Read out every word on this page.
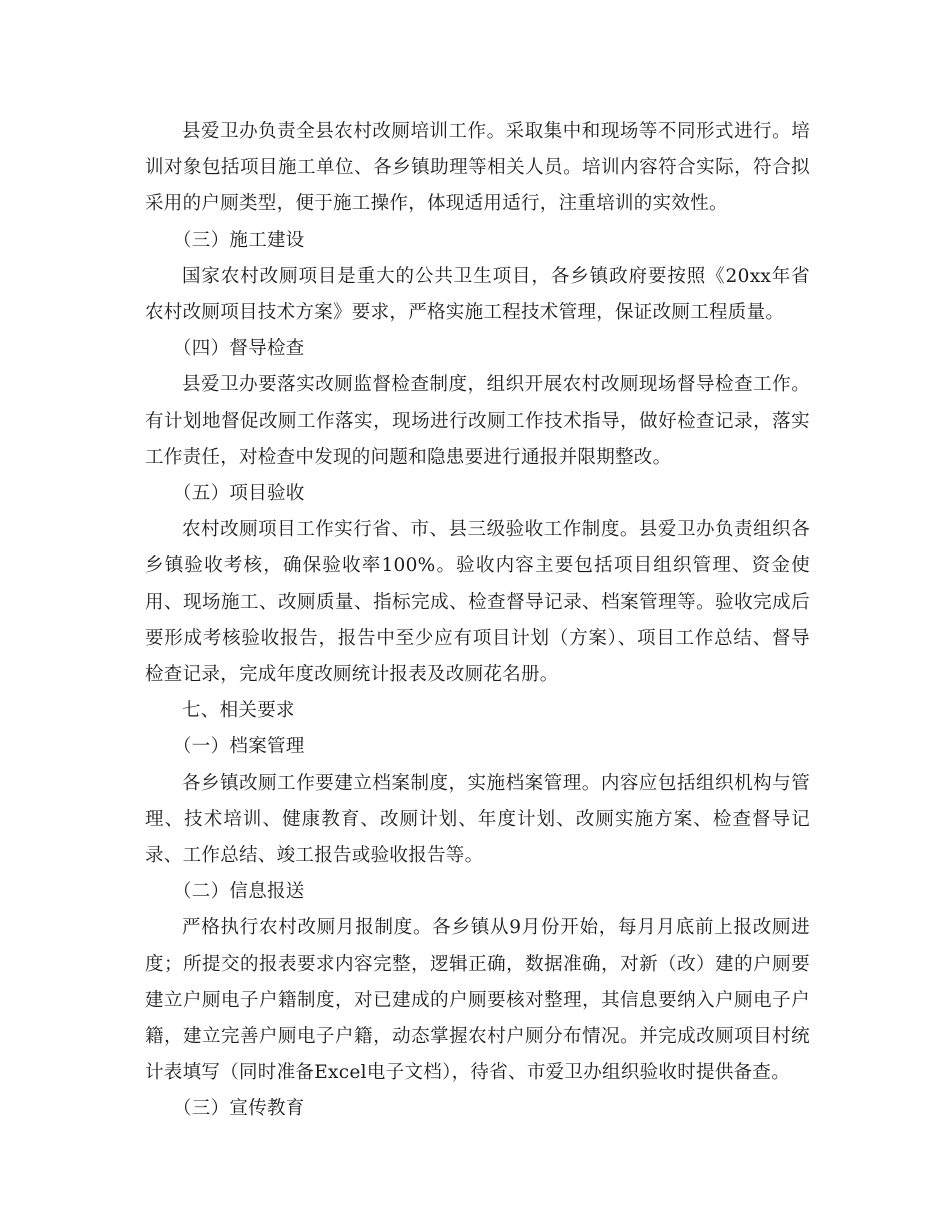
县爱卫办负责全县农村改厕培训工作。采取集中和现场等不同形式进行。培训对象包括项目施工单位、各乡镇助理等相关人员。培训内容符合实际，符合拟采用的户厕类型，便于施工操作，体现适用适行，注重培训的实效性。

（三）施工建设

国家农村改厕项目是重大的公共卫生项目，各乡镇政府要按照《20xx年省农村改厕项目技术方案》要求，严格实施工程技术管理，保证改厕工程质量。

（四）督导检查

县爱卫办要落实改厕监督检查制度，组织开展农村改厕现场督导检查工作。有计划地督促改厕工作落实，现场进行改厕工作技术指导，做好检查记录，落实工作责任，对检查中发现的问题和隐患要进行通报并限期整改。

（五）项目验收

农村改厕项目工作实行省、市、县三级验收工作制度。县爱卫办负责组织各乡镇验收考核，确保验收率100%。验收内容主要包括项目组织管理、资金使用、现场施工、改厕质量、指标完成、检查督导记录、档案管理等。验收完成后要形成考核验收报告，报告中至少应有项目计划（方案）、项目工作总结、督导检查记录，完成年度改厕统计报表及改厕花名册。

七、相关要求

（一）档案管理

各乡镇改厕工作要建立档案制度，实施档案管理。内容应包括组织机构与管理、技术培训、健康教育、改厕计划、年度计划、改厕实施方案、检查督导记录、工作总结、竣工报告或验收报告等。

（二）信息报送

严格执行农村改厕月报制度。各乡镇从9月份开始，每月月底前上报改厕进度；所提交的报表要求内容完整，逻辑正确，数据准确，对新（改）建的户厕要建立户厕电子户籍制度，对已建成的户厕要核对整理，其信息要纳入户厕电子户籍，建立完善户厕电子户籍，动态掌握农村户厕分布情况。并完成改厕项目村统计表填写（同时准备Excel电子文档），待省、市爱卫办组织验收时提供备查。

（三）宣传教育
